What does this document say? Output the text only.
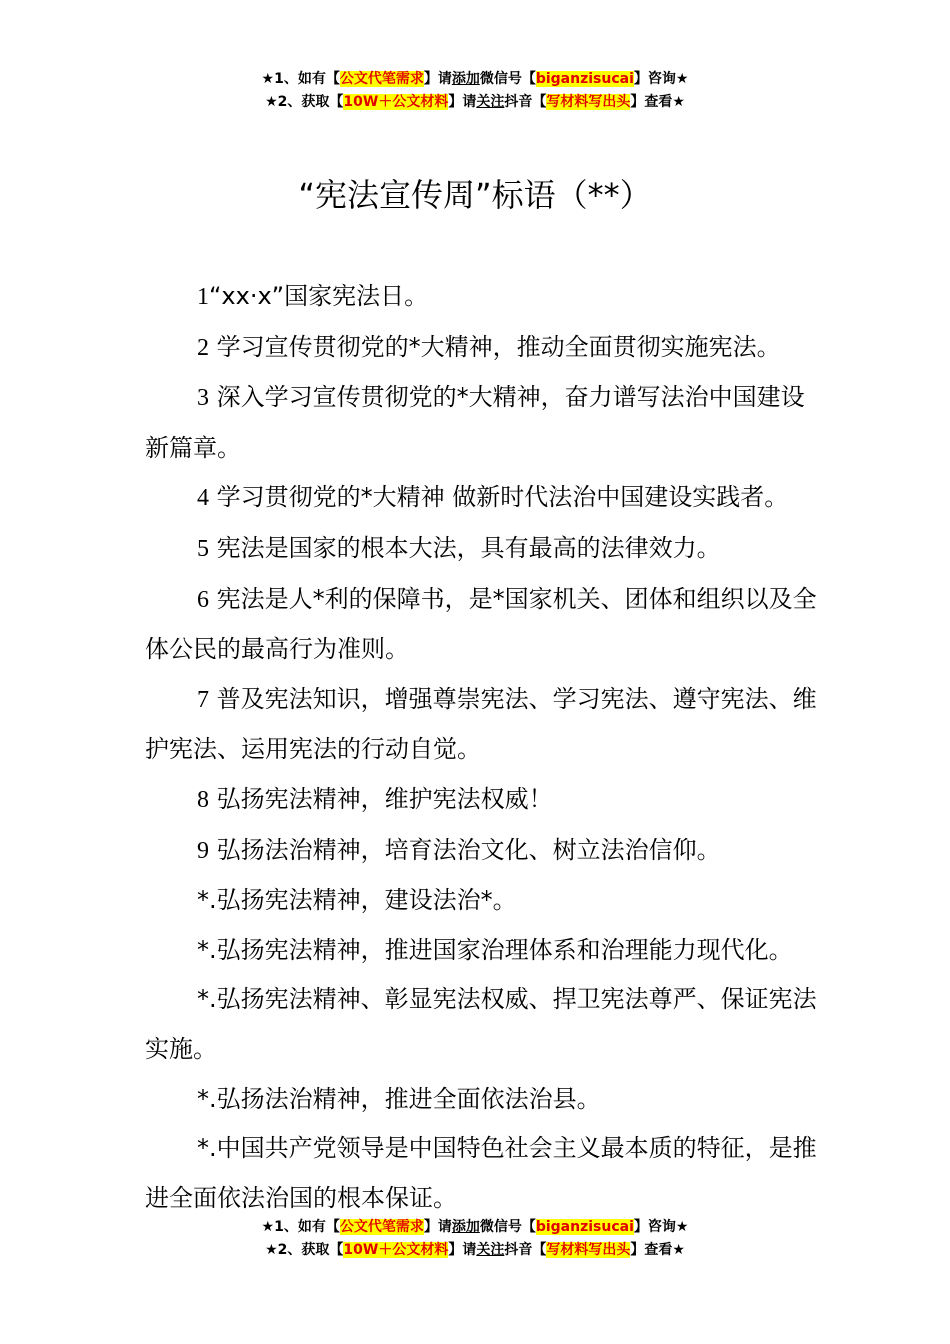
★1、如有【公文代笔需求】请添加微信号【biganzisucai】咨询★
★2、获取【10W＋公文材料】请关注抖音【写材料写出头】查看★
“宪法宣传周”标语（**）

1“xx·x”国家宪法日。

2 学习宣传贯彻党的*大精神，推动全面贯彻实施宪法。

3 深入学习宣传贯彻党的*大精神，奋力谱写法治中国建设新篇章。

4 学习贯彻党的*大精神 做新时代法治中国建设实践者。

5 宪法是国家的根本大法，具有最高的法律效力。

6 宪法是人*利的保障书，是*国家机关、团体和组织以及全体公民的最高行为准则。

7 普及宪法知识，增强尊崇宪法、学习宪法、遵守宪法、维护宪法、运用宪法的行动自觉。

8 弘扬宪法精神，维护宪法权威！

9 弘扬法治精神，培育法治文化、树立法治信仰。

*.弘扬宪法精神，建设法治*。

*.弘扬宪法精神，推进国家治理体系和治理能力现代化。

*.弘扬宪法精神、彰显宪法权威、捍卫宪法尊严、保证宪法实施。

*.弘扬法治精神，推进全面依法治县。

*.中国共产党领导是中国特色社会主义最本质的特征，是推进全面依法治国的根本保证。

★1、如有【公文代笔需求】请添加微信号【biganzisucai】咨询★
★2、获取【10W＋公文材料】请关注抖音【写材料写出头】查看★
